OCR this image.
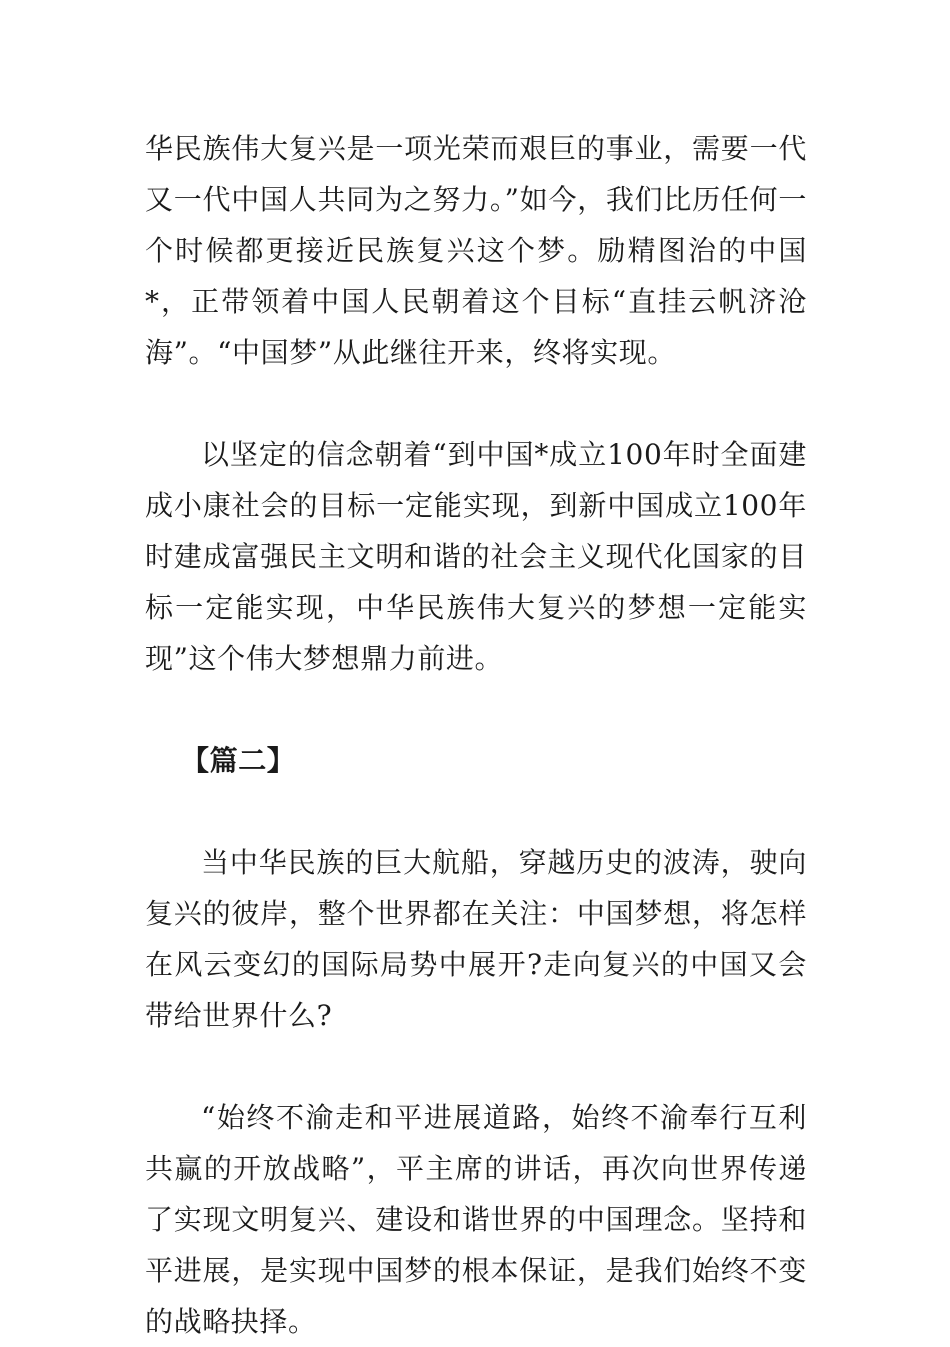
华民族伟大复兴是一项光荣而艰巨的事业，需要一代又一代中国人共同为之努力。”如今，我们比历任何一个时候都更接近民族复兴这个梦。励精图治的中国*，正带领着中国人民朝着这个目标“直挂云帆济沧海”。“中国梦”从此继往开来，终将实现。

以坚定的信念朝着“到中国*成立100年时全面建成小康社会的目标一定能实现，到新中国成立100年时建成富强民主文明和谐的社会主义现代化国家的目标一定能实现，中华民族伟大复兴的梦想一定能实现”这个伟大梦想鼎力前进。

【篇二】

当中华民族的巨大航船，穿越历史的波涛，驶向复兴的彼岸，整个世界都在关注：中国梦想，将怎样在风云变幻的国际局势中展开?走向复兴的中国又会带给世界什么?

“始终不渝走和平进展道路，始终不渝奉行互利共赢的开放战略”，平主席的讲话，再次向世界传递了实现文明复兴、建设和谐世界的中国理念。坚持和平进展，是实现中国梦的根本保证，是我们始终不变的战略抉择。
